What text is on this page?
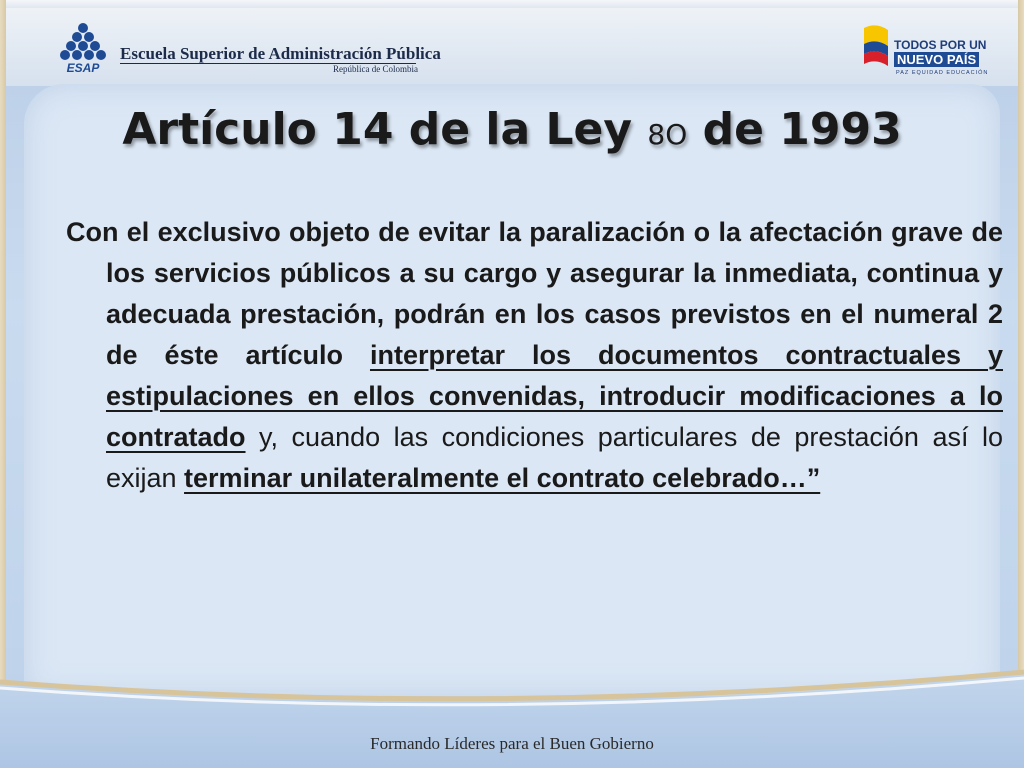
ESAP
Escuela Superior de Administración Pública
República de Colombia
TODOS POR UN
NUEVO PAÍS
PAZ EQUIDAD EDUCACIÓN
Artículo 14 de la Ley 8O de 1993
Con el exclusivo objeto de evitar la paralización o la afectación grave de los servicios públicos a su cargo y asegurar la inmediata, continua y adecuada prestación, podrán en los casos previstos en el numeral 2 de éste artículo interpretar los documentos contractuales y estipulaciones en ellos convenidas, introducir modificaciones a lo contratado y, cuando las condiciones particulares de prestación así lo exijan terminar unilateralmente el contrato celebrado…”
Formando Líderes para el Buen Gobierno
